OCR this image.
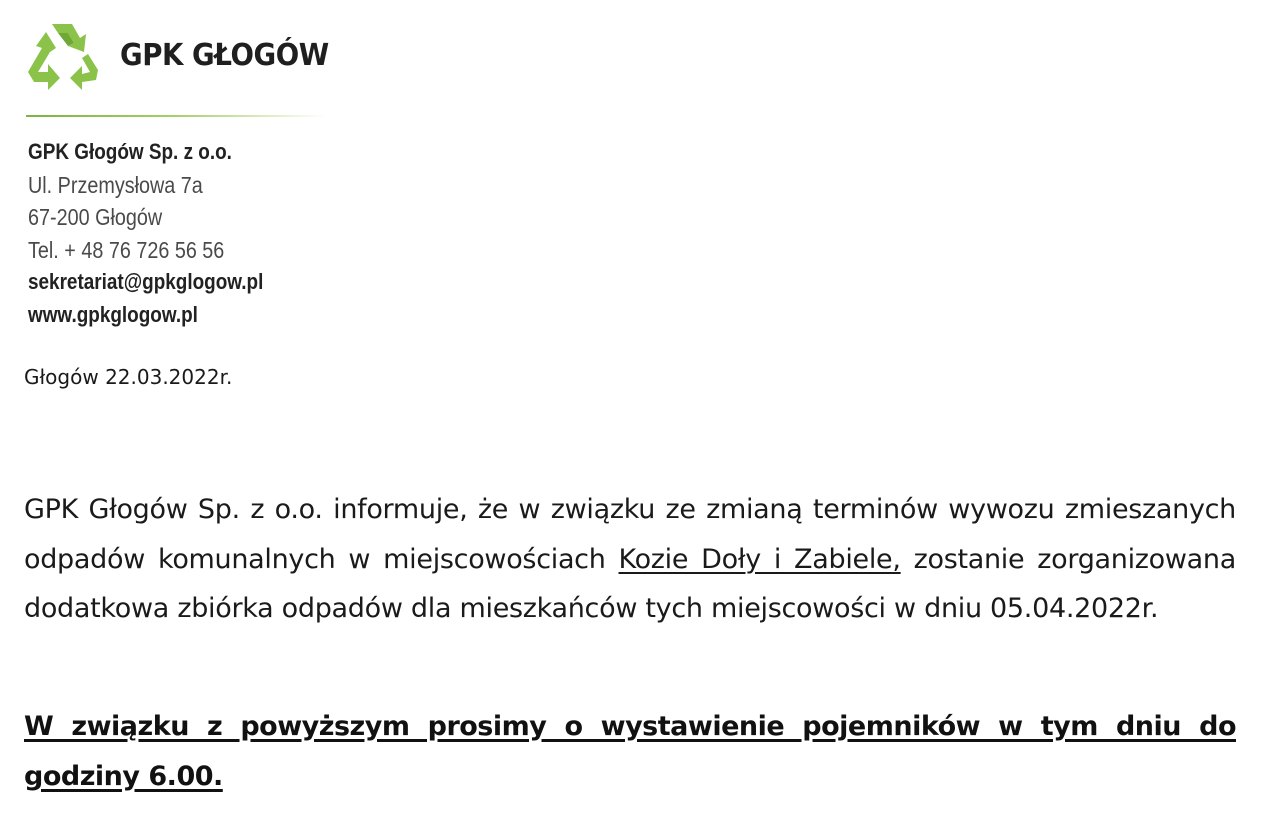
GPK GŁOGÓW
GPK Głogów Sp. z o.o.
Ul. Przemysłowa 7a
67-200 Głogów
Tel. + 48 76 726 56 56
sekretariat@gpkglogow.pl
www.gpkglogow.pl
Głogów 22.03.2022r.
GPK Głogów Sp. z o.o. informuje, że w związku ze zmianą terminów wywozu zmieszanych odpadów komunalnych w miejscowościach Kozie Doły i Zabiele, zostanie zorganizowana dodatkowa zbiórka odpadów dla mieszkańców tych miejscowości w dniu 05.04.2022r.
W związku z powyższym prosimy o wystawienie pojemników w tym dniu do godziny 6.00.
